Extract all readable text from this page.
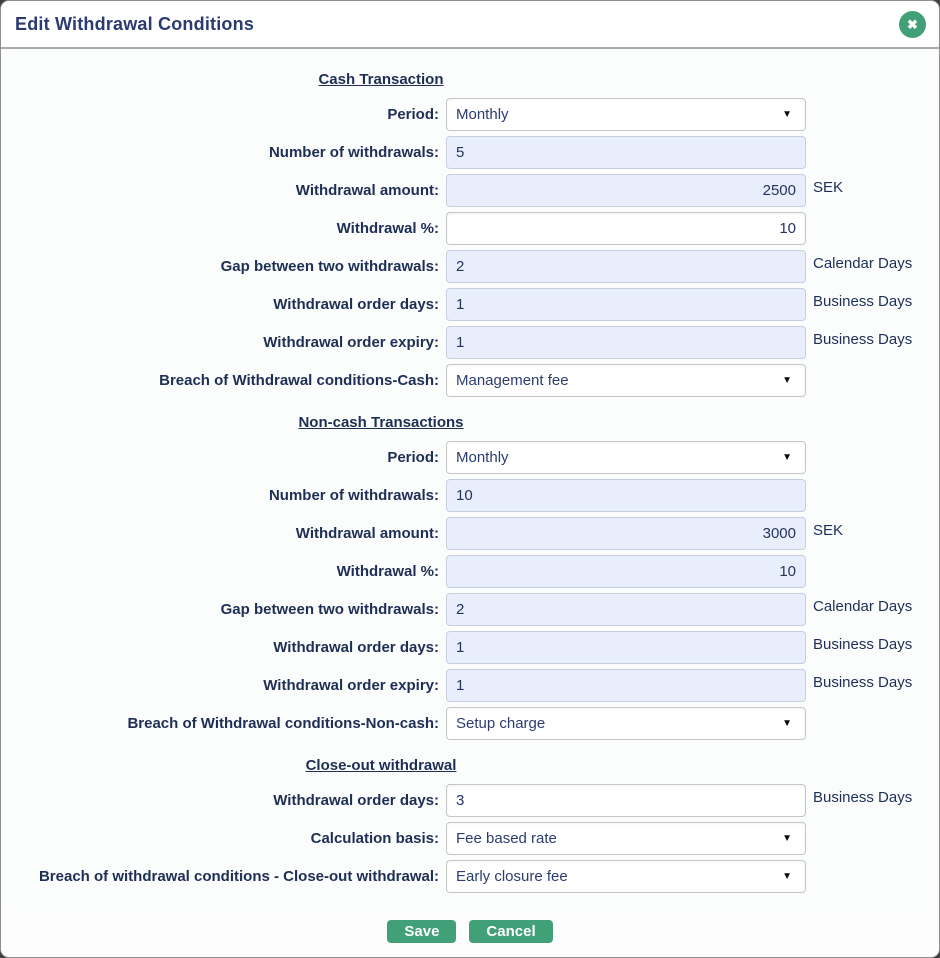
Edit Withdrawal Conditions	✖
Cash Transaction
Period:	Monthly	▼
Number of withdrawals:
5
Withdrawal amount:
2500	SEK
Withdrawal %:
10
Gap between two withdrawals:
2	Calendar Days
Withdrawal order days:
1	Business Days
Withdrawal order expiry:
1	Business Days
Breach of Withdrawal conditions-Cash:	Management fee	▼
Non-cash Transactions
Period:	Monthly	▼
Number of withdrawals:
10
Withdrawal amount:
3000	SEK
Withdrawal %:
10
Gap between two withdrawals:
2	Calendar Days
Withdrawal order days:
1	Business Days
Withdrawal order expiry:
1	Business Days
Breach of Withdrawal conditions-Non-cash:	Setup charge	▼
Close-out withdrawal
Withdrawal order days:
3	Business Days
Calculation basis:	Fee based rate	▼
Breach of withdrawal conditions - Close-out withdrawal:	Early closure fee	▼
Save	Cancel
